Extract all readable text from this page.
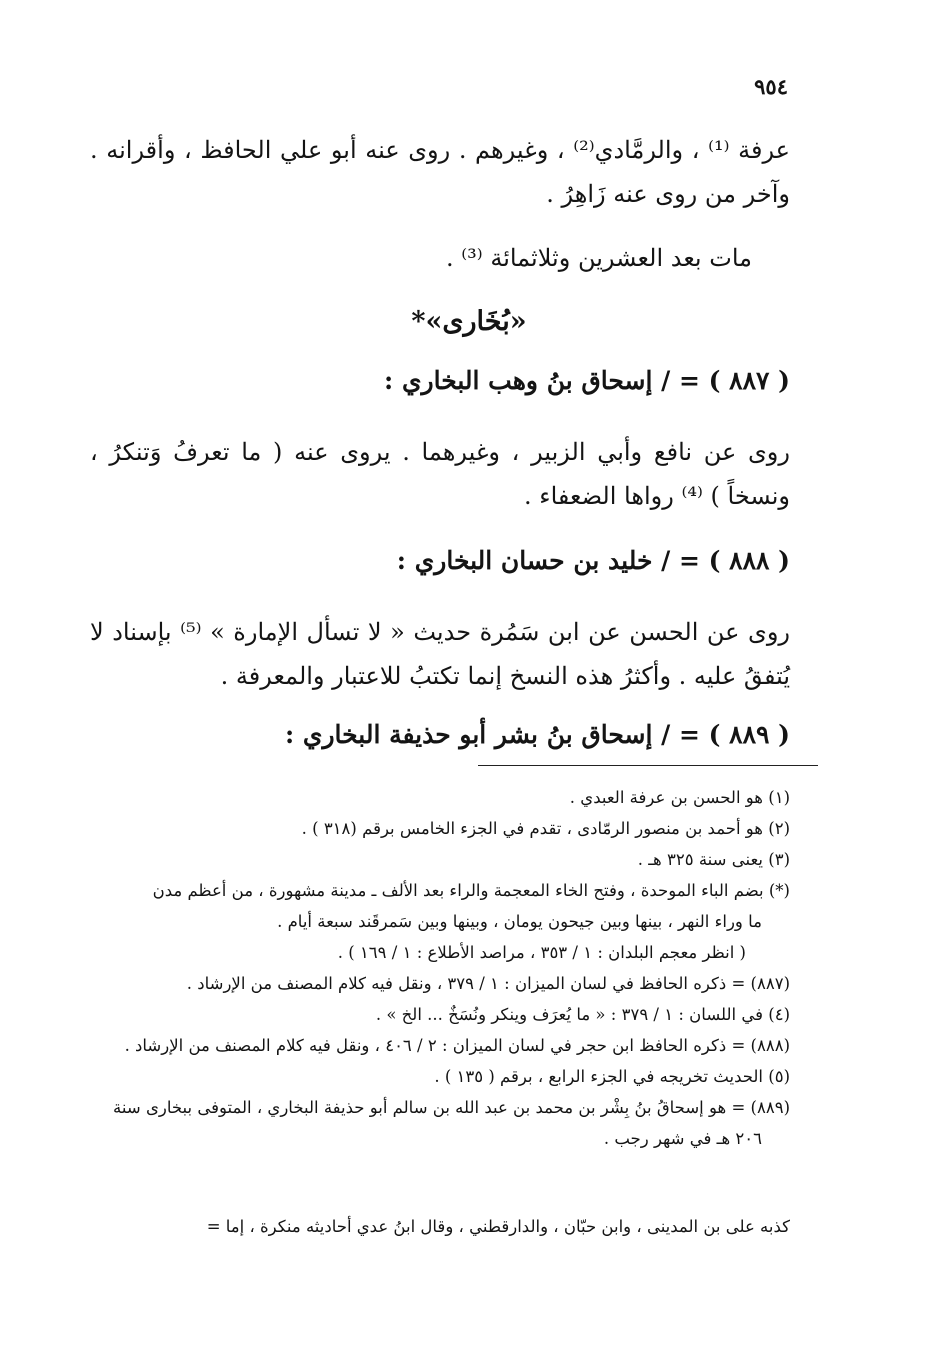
٩٥٤
عرفة ⁽¹⁾ ، والرمَّادي⁽²⁾ ، وغيرهم . روى عنه أبو علي الحافظ ، وأقرانه . وآخر من روى عنه زَاهِرُ .
مات بعد العشرين وثلاثمائة ⁽³⁾ .
«بُخَارى»*
( ٨٨٧ ) = / إسحاق بنُ وهب البخاري :
روى عن نافع وأبي الزبير ، وغيرهما . يروى عنه ( ما تعرفُ وَتنكرُ ، ونسخاً ) ⁽⁴⁾ رواها الضعفاء .
( ٨٨٨ ) = / خليد بن حسان البخاري :
روى عن الحسن عن ابن سَمُرة حديث « لا تسأل الإمارة » ⁽⁵⁾ بإسناد لا يُتفقُ عليه . وأكثرُ هذه النسخ إنما تكتبُ للاعتبار والمعرفة .
( ٨٨٩ ) = / إسحاق بنُ بشر أبو حذيفة البخاري :
(١) هو الحسن بن عرفة العبدي .
(٢) هو أحمد بن منصور الرمّادى ، تقدم في الجزء الخامس برقم (٣١٨ ) .
(٣) يعنى سنة ٣٢٥ هـ .
(*) بضم الباء الموحدة ، وفتح الخاء المعجمة والراء بعد الألف ـ مدينة مشهورة ، من أعظم مدن
ما وراء النهر ، بينها وبين جيحون يومان ، وبينها وبين سَمرقَند سبعة أيام .
( انظر معجم البلدان : ١ / ٣٥٣ ، مراصد الأطلاع : ١ / ١٦٩ ) .
(٨٨٧) = ذكره الحافظ في لسان الميزان : ١ / ٣٧٩ ، ونقل فيه كلام المصنف من الإرشاد .
(٤) في اللسان : ١ / ٣٧٩ : « ما يُعرَف وينكر ونُسَخٌ ... الخ » .
(٨٨٨) = ذكره الحافظ ابن حجر في لسان الميزان : ٢ / ٤٠٦ ، ونقل فيه كلام المصنف من الإرشاد .
(٥) الحديث تخريجه في الجزء الرابع ، برقم ( ١٣٥ ) .
(٨٨٩) = هو إسحاقُ بنُ بِشْر بن محمد بن عبد الله بن سالم أبو حذيفة البخاري ، المتوفى ببخارى سنة
٢٠٦ هـ في شهر رجب .
كذبه على بن المدينى ، وابن حبّان ، والدارقطني ، وقال ابنُ عدي أحاديثه منكرة ، إما =
